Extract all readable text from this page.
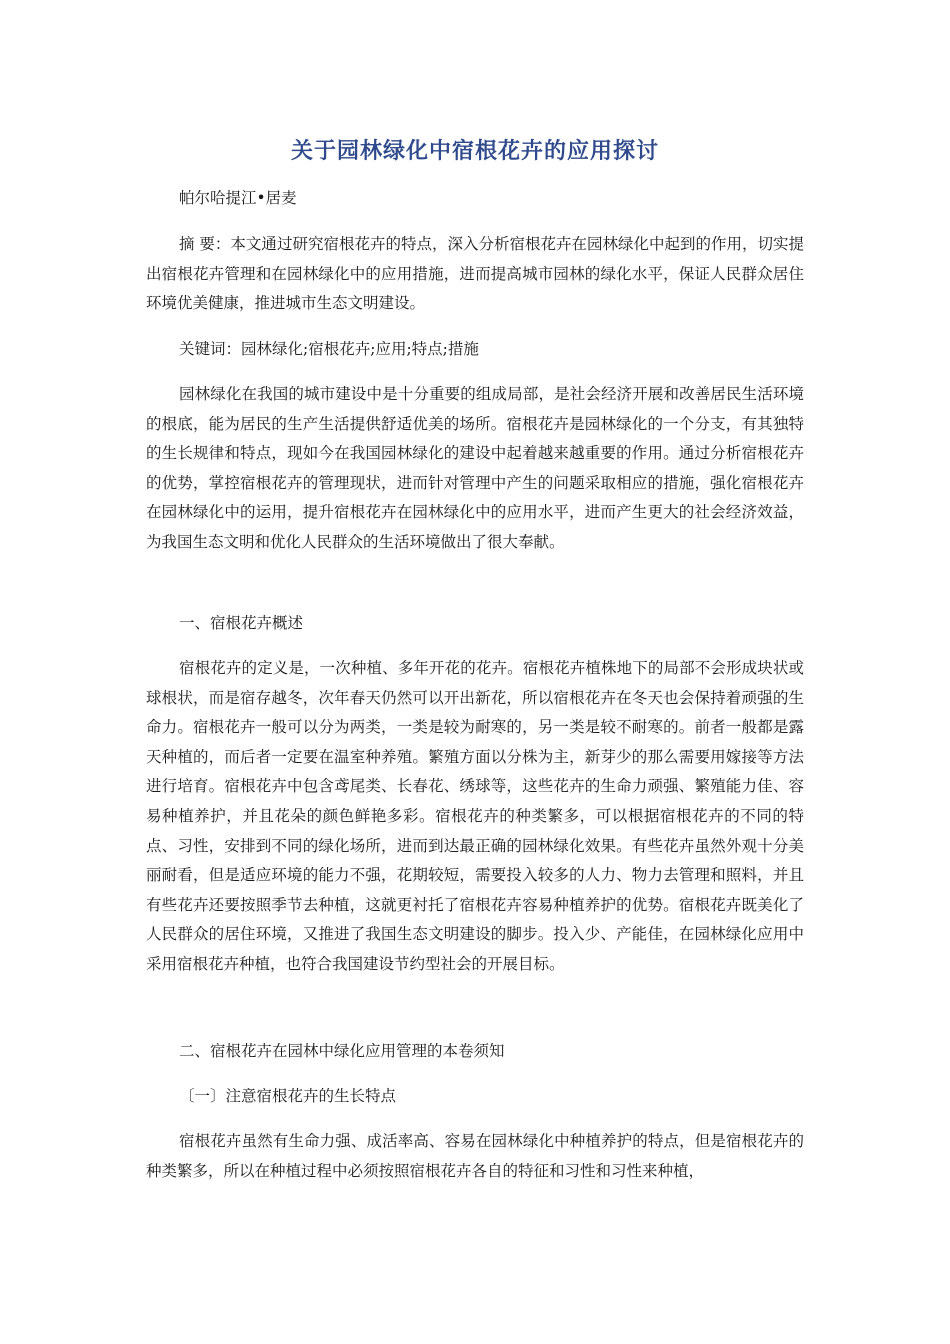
关于园林绿化中宿根花卉的应用探讨

帕尔哈提江•居麦

摘 要：本文通过研究宿根花卉的特点，深入分析宿根花卉在园林绿化中起到的作用，切实提出宿根花卉管理和在园林绿化中的应用措施，进而提高城市园林的绿化水平，保证人民群众居住环境优美健康，推进城市生态文明建设。

关键词：园林绿化;宿根花卉;应用;特点;措施

园林绿化在我国的城市建设中是十分重要的组成局部，是社会经济开展和改善居民生活环境的根底，能为居民的生产生活提供舒适优美的场所。宿根花卉是园林绿化的一个分支，有其独特的生长规律和特点，现如今在我国园林绿化的建设中起着越来越重要的作用。通过分析宿根花卉的优势，掌控宿根花卉的管理现状，进而针对管理中产生的问题采取相应的措施，强化宿根花卉在园林绿化中的运用，提升宿根花卉在园林绿化中的应用水平，进而产生更大的社会经济效益，为我国生态文明和优化人民群众的生活环境做出了很大奉献。

一、宿根花卉概述

宿根花卉的定义是，一次种植、多年开花的花卉。宿根花卉植株地下的局部不会形成块状或球根状，而是宿存越冬，次年春天仍然可以开出新花，所以宿根花卉在冬天也会保持着顽强的生命力。宿根花卉一般可以分为两类，一类是较为耐寒的，另一类是较不耐寒的。前者一般都是露天种植的，而后者一定要在温室种养殖。繁殖方面以分株为主，新芽少的那么需要用嫁接等方法进行培育。宿根花卉中包含鸢尾类、长春花、绣球等，这些花卉的生命力顽强、繁殖能力佳、容易种植养护，并且花朵的颜色鲜艳多彩。宿根花卉的种类繁多，可以根据宿根花卉的不同的特点、习性，安排到不同的绿化场所，进而到达最正确的园林绿化效果。有些花卉虽然外观十分美丽耐看，但是适应环境的能力不强，花期较短，需要投入较多的人力、物力去管理和照料，并且有些花卉还要按照季节去种植，这就更衬托了宿根花卉容易种植养护的优势。宿根花卉既美化了人民群众的居住环境，又推进了我国生态文明建设的脚步。投入少、产能佳，在园林绿化应用中采用宿根花卉种植，也符合我国建设节约型社会的开展目标。

二、宿根花卉在园林中绿化应用管理的本卷须知

〔一〕注意宿根花卉的生长特点

宿根花卉虽然有生命力强、成活率高、容易在园林绿化中种植养护的特点，但是宿根花卉的种类繁多，所以在种植过程中必须按照宿根花卉各自的特征和习性和习性来种植，
